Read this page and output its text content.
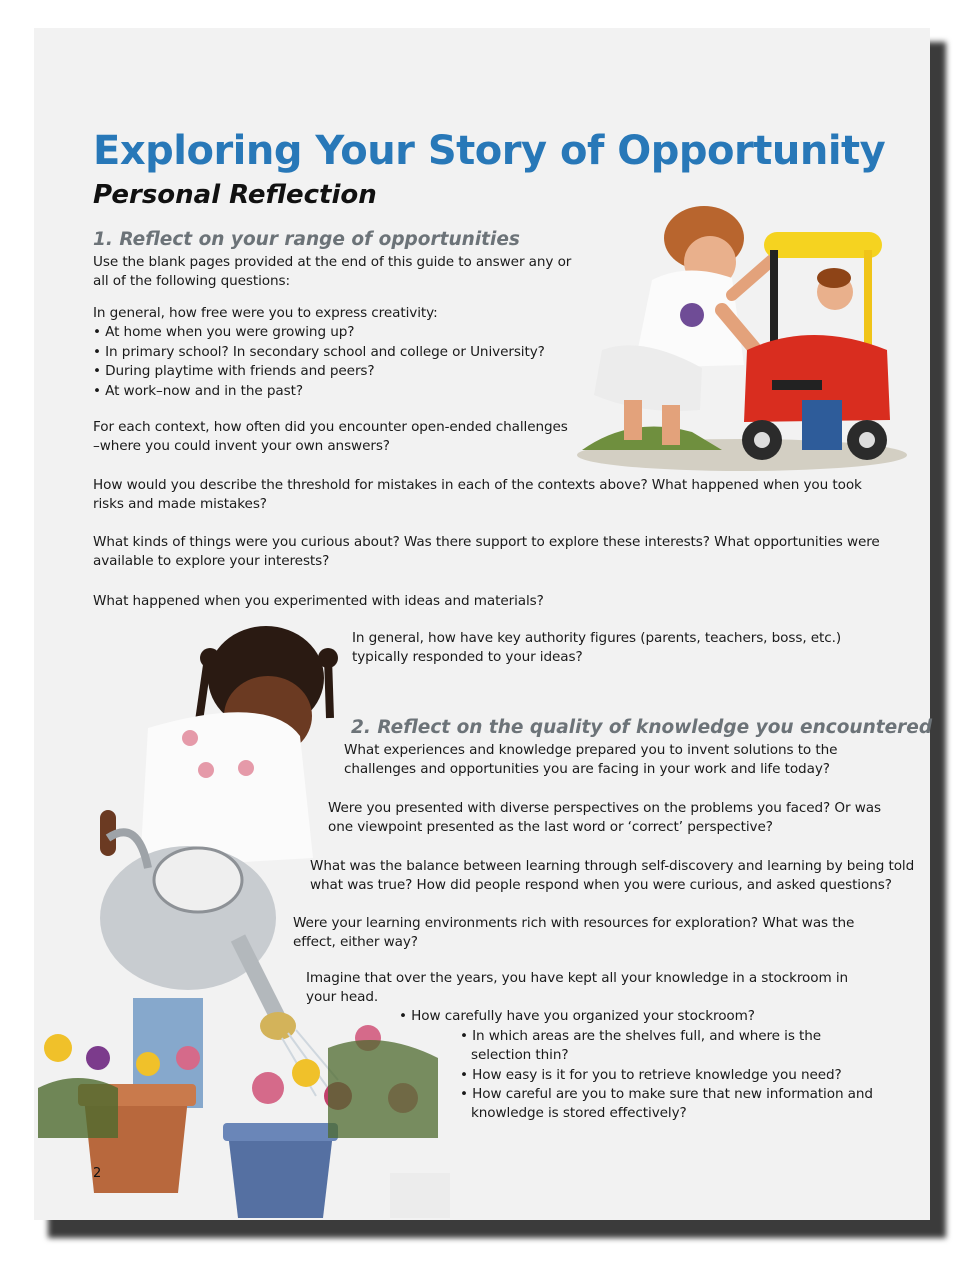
Exploring Your Story of Opportunity
Personal Reflection
1. Reflect on your range of opportunities
Use the blank pages provided at the end of this guide to answer any or
all of the following questions:
In general, how free were you to express creativity:
• At home when you were growing up?
• In primary school? In secondary school and college or University?
• During playtime with friends and peers?
• At work–now and in the past?
For each context, how often did you encounter open-ended challenges
–where you could invent your own answers?
How would you describe the threshold for mistakes in each of the contexts above? What happened when you took
risks and made mistakes?
What kinds of things were you curious about? Was there support to explore these interests? What opportunities were
available to explore your interests?
What happened when you experimented with ideas and materials?
In general, how have key authority figures (parents, teachers, boss, etc.)
typically responded to your ideas?
2. Reflect on the quality of knowledge you encountered
What experiences and knowledge prepared you to invent solutions to the
challenges and opportunities you are facing in your work and life today?
Were you presented with diverse perspectives on the problems you faced? Or was
one viewpoint presented as the last word or ‘correct’ perspective?
What was the balance between learning through self-discovery and learning by being told
what was true? How did people respond when you were curious, and asked questions?
Were your learning environments rich with resources for exploration? What was the
effect, either way?
Imagine that over the years, you have kept all your knowledge in a stockroom in
your head.
• How carefully have you organized your stockroom?
• In which areas are the shelves full, and where is the
selection thin?
• How easy is it for you to retrieve knowledge you need?
• How careful are you to make sure that new information and
knowledge is stored effectively?
2
